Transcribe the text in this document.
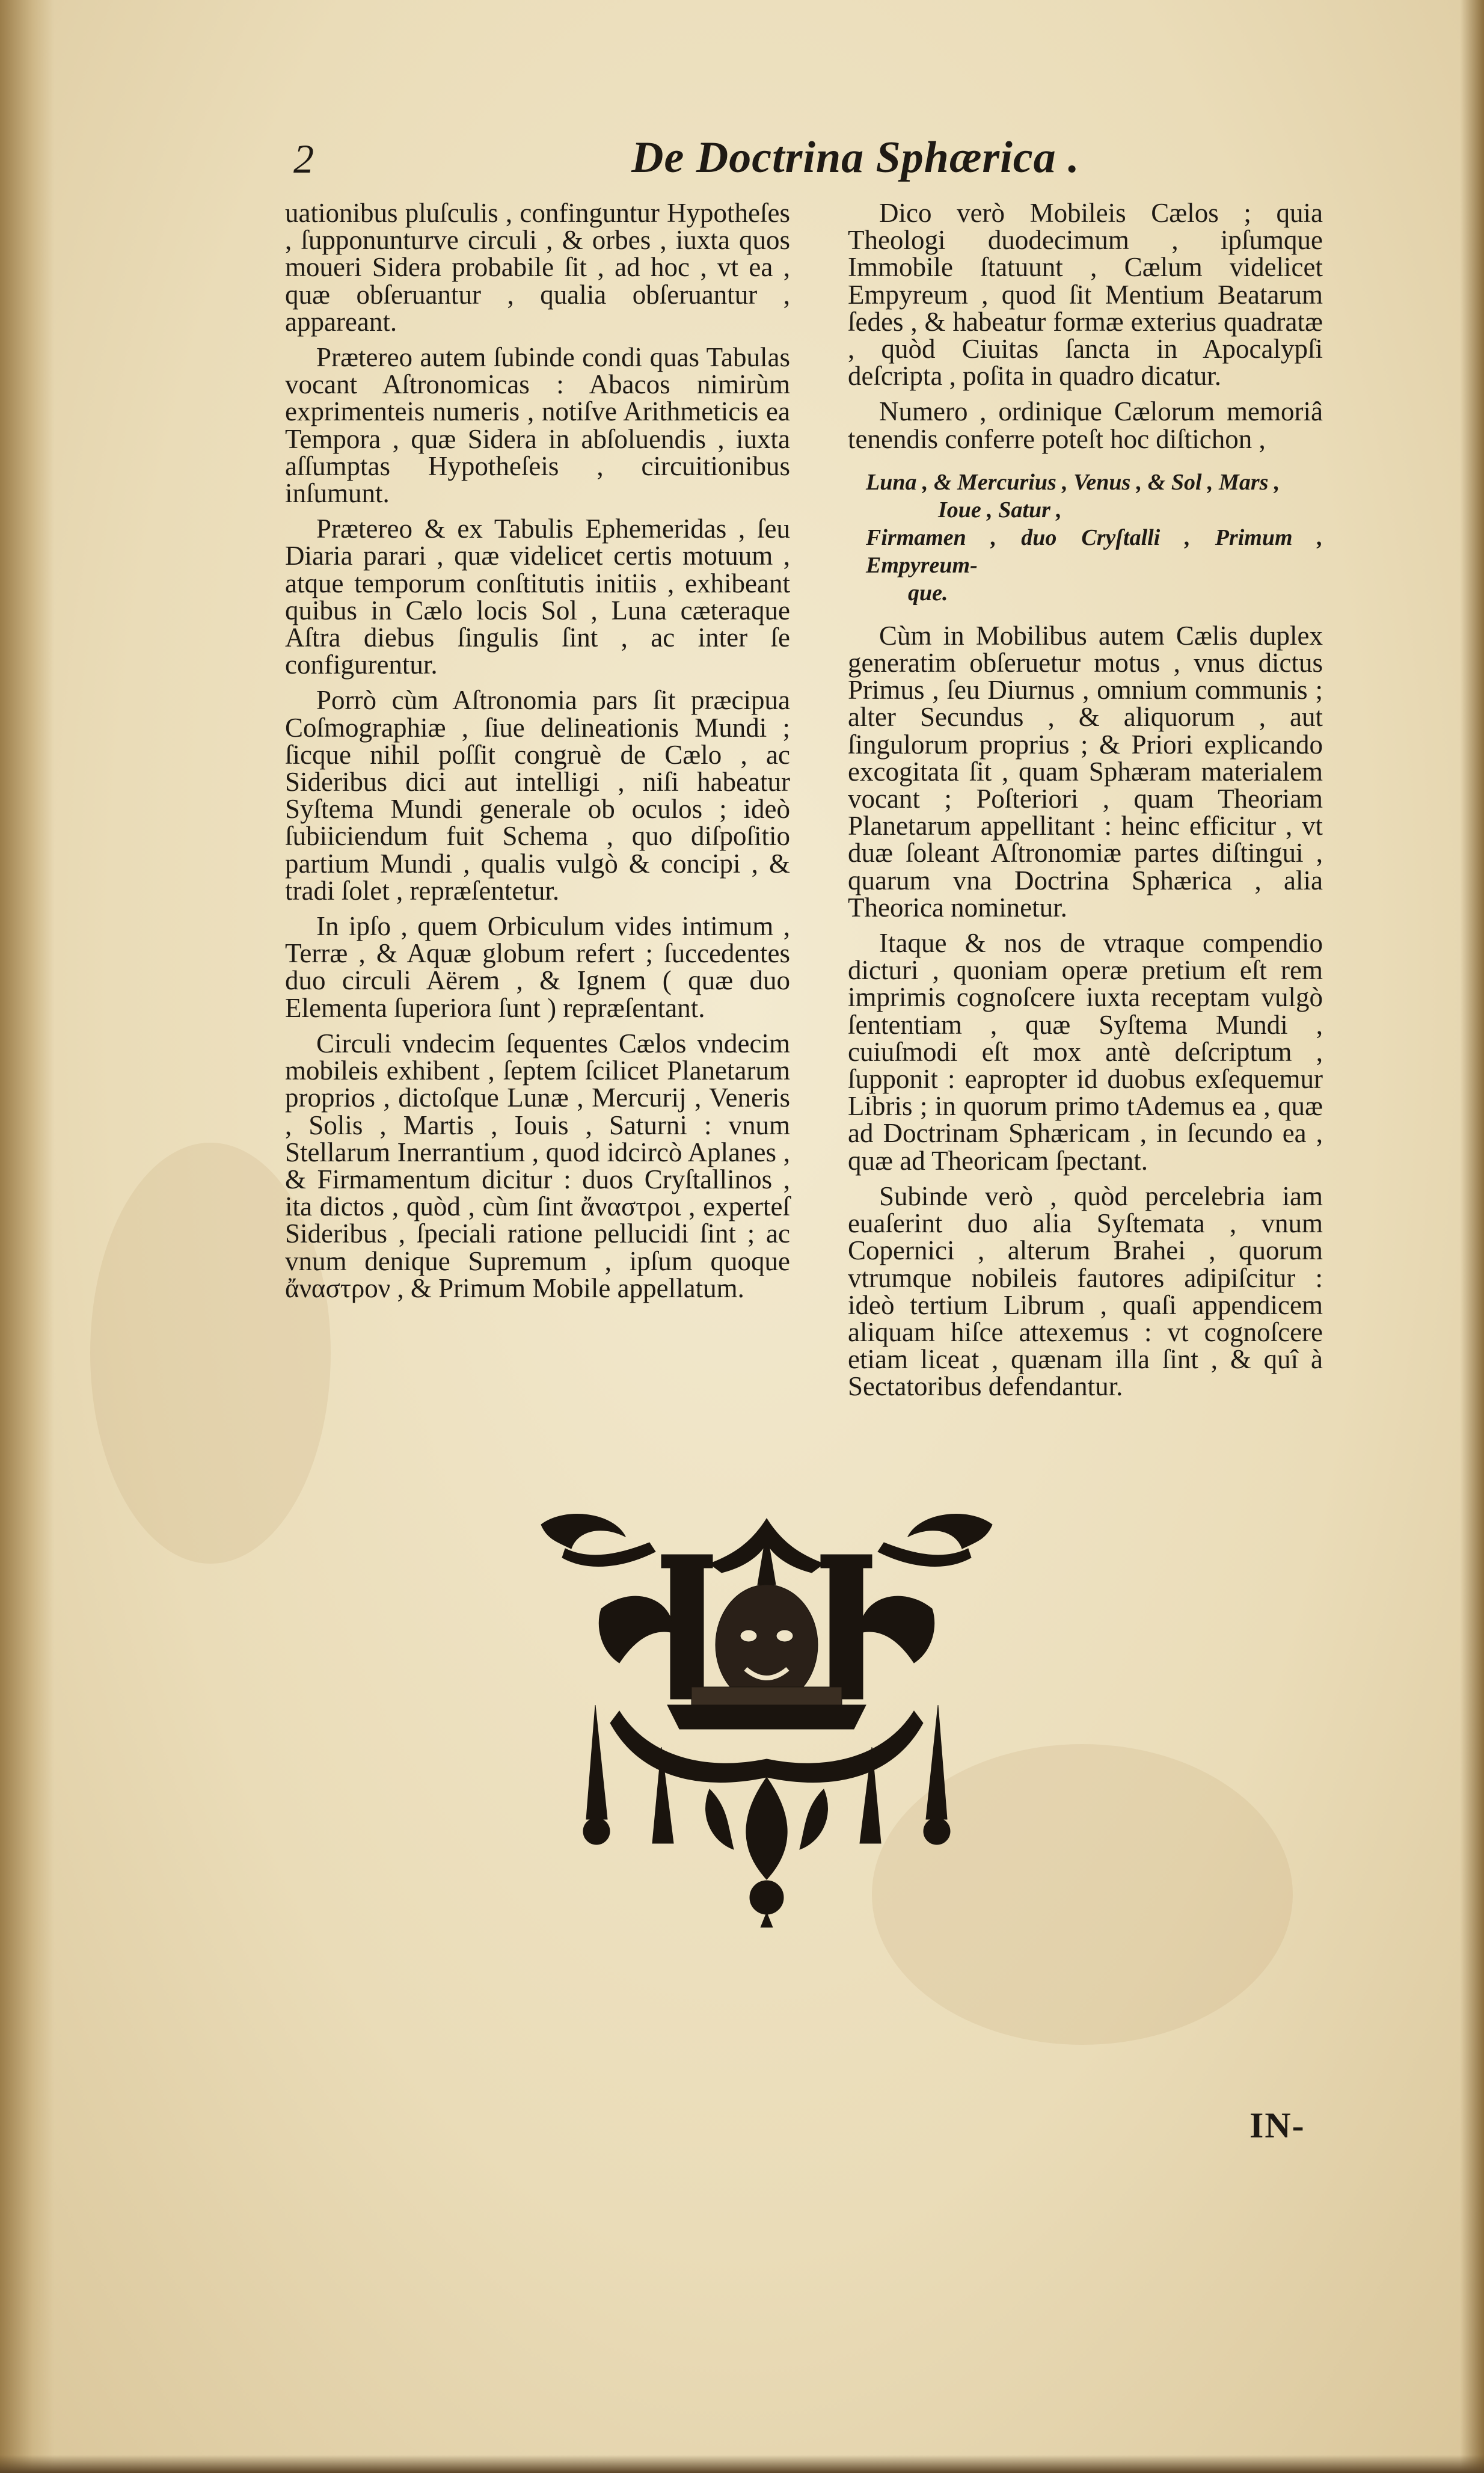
2	De Doctrina Sphærica .

uationibus pluſculis , confinguntur Hypotheſes , ſupponunturve circuli , & orbes , iuxta quos moueri Sidera probabile ſit , ad hoc , vt ea , quæ obſeruantur , qualia obſeruantur , appareant.

Prætereo autem ſubinde condi quas Tabulas vocant Aſtronomicas : Abacos nimirùm exprimenteis numeris , notiſve Arithmeticis ea Tempora , quæ Sidera in abſoluendis , iuxta aſſumptas Hypotheſeis , circuitionibus inſumunt.

Prætereo & ex Tabulis Ephemeridas , ſeu Diaria parari , quæ videlicet certis motuum , atque temporum conſtitutis initiis , exhibeant quibus in Cælo locis Sol , Luna cæteraque Aſtra diebus ſingulis ſint , ac inter ſe configurentur.

Porrò cùm Aſtronomia pars ſit præcipua Coſmographiæ , ſiue delineationis Mundi ; ſicque nihil poſſit congruè de Cælo , ac Sideribus dici aut intelligi , niſi habeatur Syſtema Mundi generale ob oculos ; ideò ſubiiciendum fuit Schema , quo diſpoſitio partium Mundi , qualis vulgò & concipi , & tradi ſolet , repræſentetur.

In ipſo , quem Orbiculum vides intimum , Terræ , & Aquæ globum refert ; ſuccedentes duo circuli Aërem , & Ignem ( quæ duo Elementa ſuperiora ſunt ) repræſentant.

Circuli vndecim ſequentes Cælos vndecim mobileis exhibent , ſeptem ſcilicet Planetarum proprios , dictoſque Lunæ , Mercurij , Veneris , Solis , Martis , Iouis , Saturni : vnum Stellarum Inerrantium , quod idcircò Aplanes , & Firmamentum dicitur : duos Cryſtallinos , ita dictos , quòd , cùm ſint ἄναστροι , experteſ Sideribus , ſpeciali ratione pellucidi ſint ; ac vnum denique Supremum , ipſum quoque ἄναστρον , & Primum Mobile appellatum.

Dico verò Mobileis Cælos ; quia Theologi duodecimum , ipſumque Immobile ſtatuunt , Cælum videlicet Empyreum , quod ſit Mentium Beatarum ſedes , & habeatur formæ exterius quadratæ , quòd Ciuitas ſancta in Apocalypſi deſcripta , poſita in quadro dicatur.

Numero , ordinique Cælorum memoriâ tenendis conferre poteſt hoc diſtichon ,

Luna , & Mercurius , Venus , & Sol , Mars ,
Ioue , Satur ,
Firmamen , duo Cryſtalli , Primum , Empyreum-
que.

Cùm in Mobilibus autem Cælis duplex generatim obſeruetur motus , vnus dictus Primus , ſeu Diurnus , omnium communis ; alter Secundus , & aliquorum , aut ſingulorum proprius ; & Priori explicando excogitata ſit , quam Sphæram materialem vocant ; Poſteriori , quam Theoriam Planetarum appellitant : heinc efficitur , vt duæ ſoleant Aſtronomiæ partes diſtingui , quarum vna Doctrina Sphærica , alia Theorica nominetur.

Itaque & nos de vtraque compendio dicturi , quoniam operæ pretium eſt rem imprimis cognoſcere iuxta receptam vulgò ſententiam , quæ Syſtema Mundi , cuiuſmodi eſt mox antè deſcriptum , ſupponit : eapropter id duobus exſequemur Libris ; in quorum primo tAdemus ea , quæ ad Doctrinam Sphæricam , in ſecundo ea , quæ ad Theoricam ſpectant.

Subinde verò , quòd percelebria iam euaſerint duo alia Syſtemata , vnum Copernici , alterum Brahei , quorum vtrumque nobileis fautores adipiſcitur : ideò tertium Librum , quaſi appendicem aliquam hiſce attexemus : vt cognoſcere etiam liceat , quænam illa ſint , & quî à Sectatoribus defendantur.

IN-
